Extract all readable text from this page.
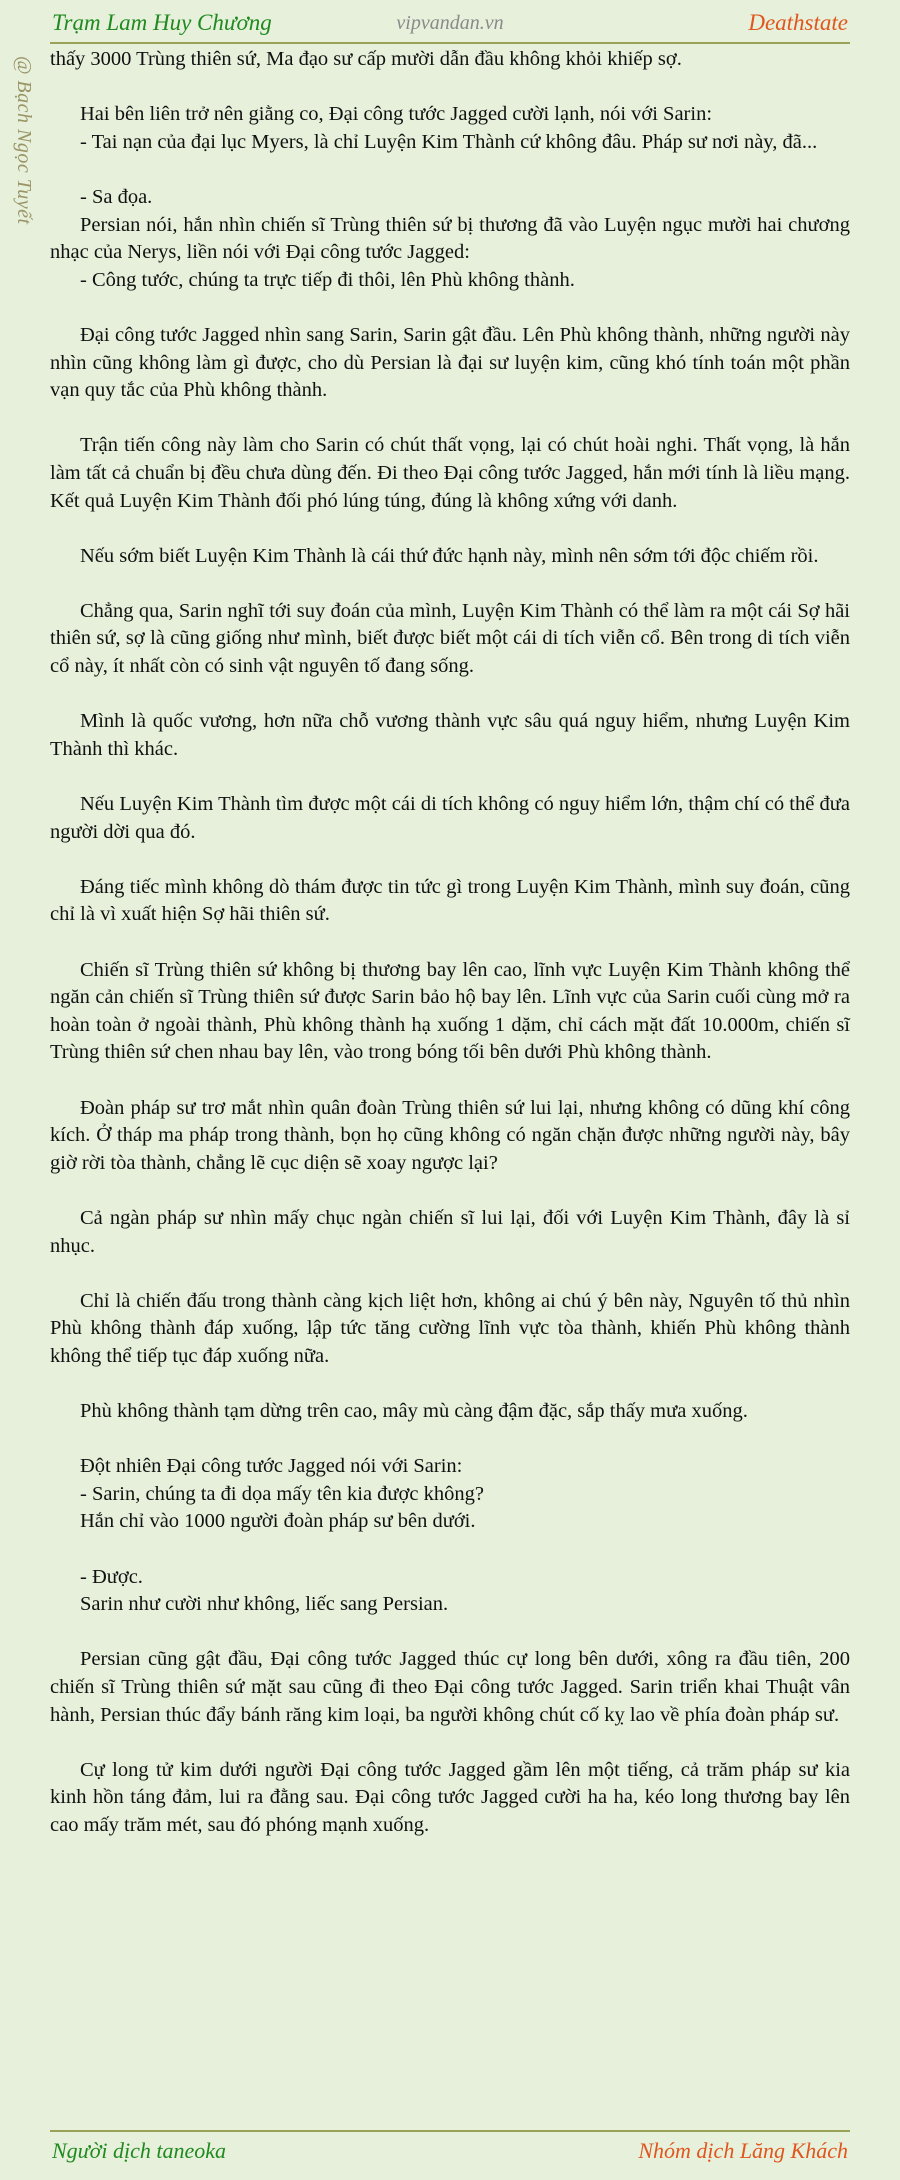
Trạm Lam Huy Chương	vipvandan.vn	Deathstate
@ Bạch Ngọc Tuyết thấy 3000 Trùng thiên sứ, Ma đạo sư cấp mười dẫn đầu không khỏi khiếp sợ.

Hai bên liên trở nên giằng co, Đại công tước Jagged cười lạnh, nói với Sarin:

- Tai nạn của đại lục Myers, là chỉ Luyện Kim Thành cứ không đâu. Pháp sư nơi này, đã...

- Sa đọa.

Persian nói, hắn nhìn chiến sĩ Trùng thiên sứ bị thương đã vào Luyện ngục mười hai chương nhạc của Nerys, liền nói với Đại công tước Jagged:

- Công tước, chúng ta trực tiếp đi thôi, lên Phù không thành.

Đại công tước Jagged nhìn sang Sarin, Sarin gật đầu. Lên Phù không thành, những người này nhìn cũng không làm gì được, cho dù Persian là đại sư luyện kim, cũng khó tính toán một phần vạn quy tắc của Phù không thành.

Trận tiến công này làm cho Sarin có chút thất vọng, lại có chút hoài nghi. Thất vọng, là hắn làm tất cả chuẩn bị đều chưa dùng đến. Đi theo Đại công tước Jagged, hắn mới tính là liều mạng. Kết quả Luyện Kim Thành đối phó lúng túng, đúng là không xứng với danh.

Nếu sớm biết Luyện Kim Thành là cái thứ đức hạnh này, mình nên sớm tới độc chiếm rồi.

Chẳng qua, Sarin nghĩ tới suy đoán của mình, Luyện Kim Thành có thể làm ra một cái Sợ hãi thiên sứ, sợ là cũng giống như mình, biết được biết một cái di tích viễn cổ. Bên trong di tích viễn cổ này, ít nhất còn có sinh vật nguyên tố đang sống.

Mình là quốc vương, hơn nữa chỗ vương thành vực sâu quá nguy hiểm, nhưng Luyện Kim Thành thì khác.

Nếu Luyện Kim Thành tìm được một cái di tích không có nguy hiểm lớn, thậm chí có thể đưa người dời qua đó.

Đáng tiếc mình không dò thám được tin tức gì trong Luyện Kim Thành, mình suy đoán, cũng chỉ là vì xuất hiện Sợ hãi thiên sứ.

Chiến sĩ Trùng thiên sứ không bị thương bay lên cao, lĩnh vực Luyện Kim Thành không thể ngăn cản chiến sĩ Trùng thiên sứ được Sarin bảo hộ bay lên. Lĩnh vực của Sarin cuối cùng mở ra hoàn toàn ở ngoài thành, Phù không thành hạ xuống 1 dặm, chỉ cách mặt đất 10.000m, chiến sĩ Trùng thiên sứ chen nhau bay lên, vào trong bóng tối bên dưới Phù không thành.

Đoàn pháp sư trơ mắt nhìn quân đoàn Trùng thiên sứ lui lại, nhưng không có dũng khí công kích. Ở tháp ma pháp trong thành, bọn họ cũng không có ngăn chặn được những người này, bây giờ rời tòa thành, chẳng lẽ cục diện sẽ xoay ngược lại?

Cả ngàn pháp sư nhìn mấy chục ngàn chiến sĩ lui lại, đối với Luyện Kim Thành, đây là sỉ nhục.

Chỉ là chiến đấu trong thành càng kịch liệt hơn, không ai chú ý bên này, Nguyên tố thủ nhìn Phù không thành đáp xuống, lập tức tăng cường lĩnh vực tòa thành, khiến Phù không thành không thể tiếp tục đáp xuống nữa.

Phù không thành tạm dừng trên cao, mây mù càng đậm đặc, sắp thấy mưa xuống.

Đột nhiên Đại công tước Jagged nói với Sarin:

- Sarin, chúng ta đi dọa mấy tên kia được không?

Hắn chỉ vào 1000 người đoàn pháp sư bên dưới.

- Được.

Sarin như cười như không, liếc sang Persian.

Persian cũng gật đầu, Đại công tước Jagged thúc cự long bên dưới, xông ra đầu tiên, 200 chiến sĩ Trùng thiên sứ mặt sau cũng đi theo Đại công tước Jagged. Sarin triển khai Thuật vân hành, Persian thúc đẩy bánh răng kim loại, ba người không chút cố kỵ lao về phía đoàn pháp sư.

Cự long tử kim dưới người Đại công tước Jagged gầm lên một tiếng, cả trăm pháp sư kia kinh hồn táng đảm, lui ra đằng sau. Đại công tước Jagged cười ha ha, kéo long thương bay lên cao mấy trăm mét, sau đó phóng mạnh xuống.

Người dịch taneoka	Nhóm dịch Lăng Khách
